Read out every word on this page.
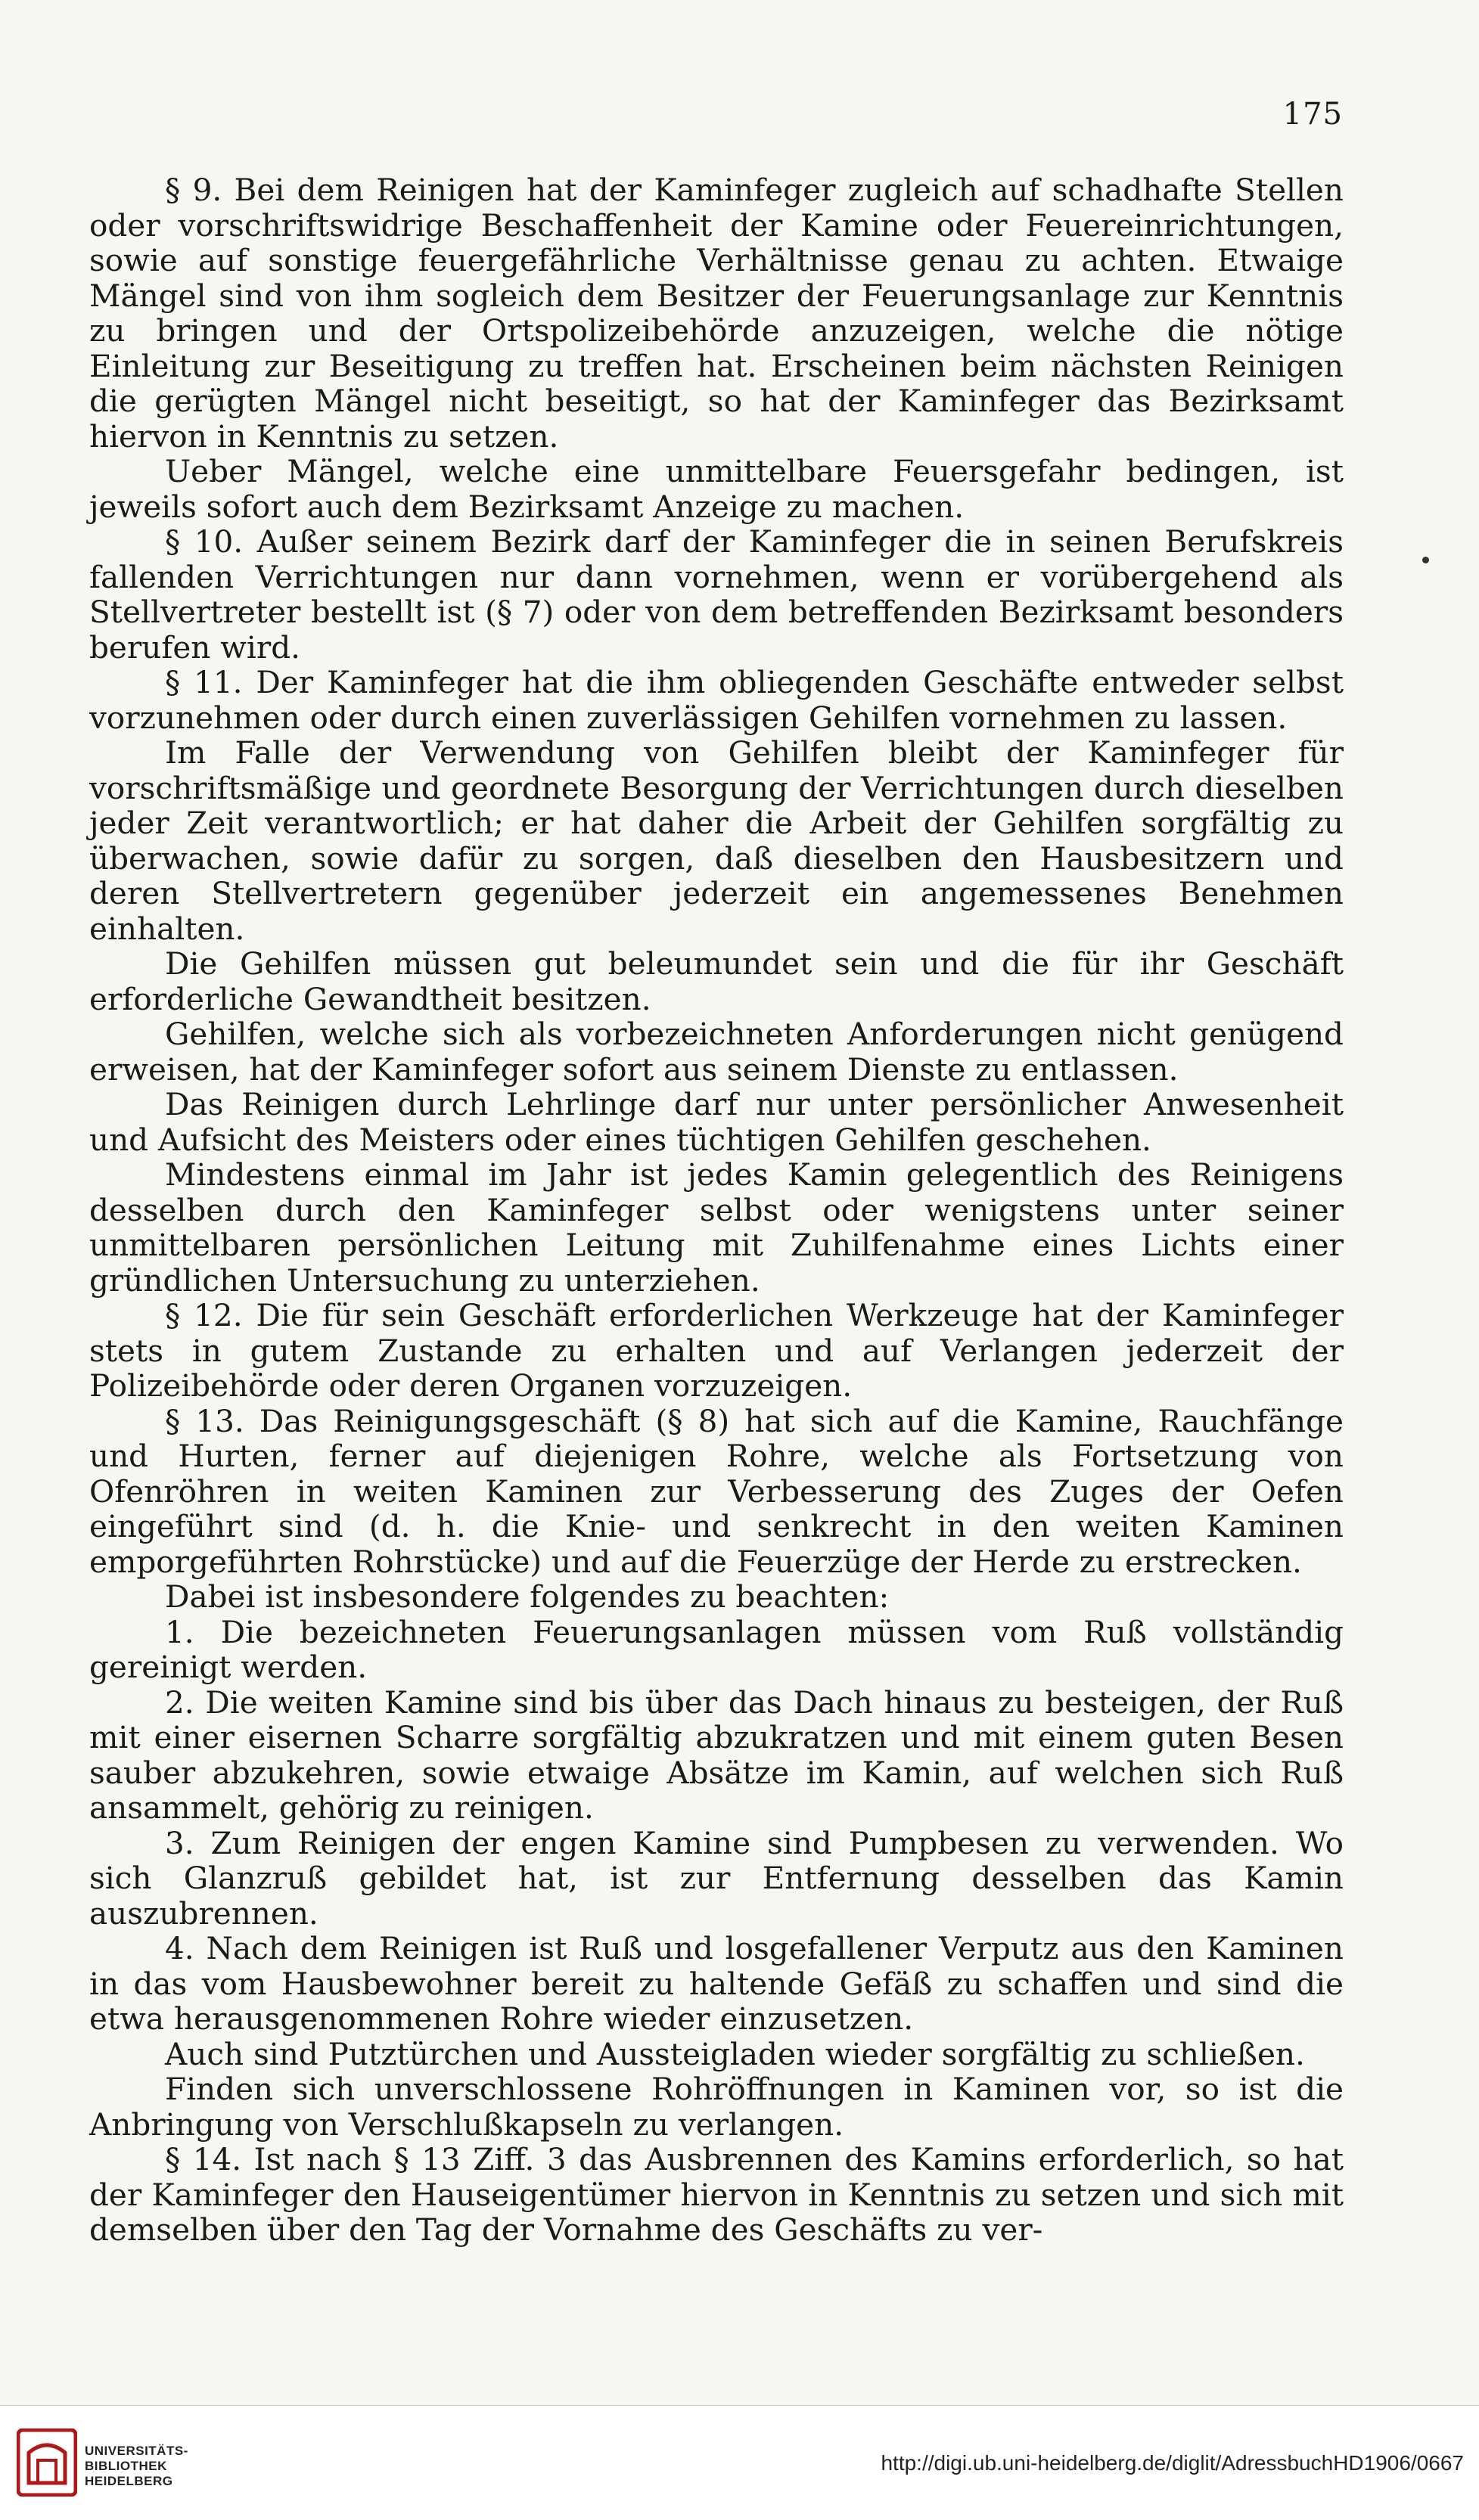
175

§ 9. Bei dem Reinigen hat der Kaminfeger zugleich auf schadhafte Stellen oder vorschriftswidrige Beschaffenheit der Kamine oder Feuereinrichtungen, sowie auf sonstige feuergefährliche Verhältnisse genau zu achten. Etwaige Mängel sind von ihm sogleich dem Besitzer der Feuerungsanlage zur Kenntnis zu bringen und der Ortspolizeibehörde anzuzeigen, welche die nötige Einleitung zur Beseitigung zu treffen hat. Erscheinen beim nächsten Reinigen die gerügten Mängel nicht beseitigt, so hat der Kaminfeger das Bezirksamt hiervon in Kenntnis zu setzen.

Ueber Mängel, welche eine unmittelbare Feuersgefahr bedingen, ist jeweils sofort auch dem Bezirksamt Anzeige zu machen.

§ 10. Außer seinem Bezirk darf der Kaminfeger die in seinen Berufskreis fallenden Verrichtungen nur dann vornehmen, wenn er vorübergehend als Stellvertreter bestellt ist (§ 7) oder von dem betreffenden Bezirksamt besonders berufen wird.

§ 11. Der Kaminfeger hat die ihm obliegenden Geschäfte entweder selbst vorzunehmen oder durch einen zuverlässigen Gehilfen vornehmen zu lassen.

Im Falle der Verwendung von Gehilfen bleibt der Kaminfeger für vorschriftsmäßige und geordnete Besorgung der Verrichtungen durch dieselben jeder Zeit verantwortlich; er hat daher die Arbeit der Gehilfen sorgfältig zu überwachen, sowie dafür zu sorgen, daß dieselben den Hausbesitzern und deren Stellvertretern gegenüber jederzeit ein angemessenes Benehmen einhalten.

Die Gehilfen müssen gut beleumundet sein und die für ihr Geschäft erforderliche Gewandtheit besitzen.

Gehilfen, welche sich als vorbezeichneten Anforderungen nicht genügend erweisen, hat der Kaminfeger sofort aus seinem Dienste zu entlassen.

Das Reinigen durch Lehrlinge darf nur unter persönlicher Anwesenheit und Aufsicht des Meisters oder eines tüchtigen Gehilfen geschehen.

Mindestens einmal im Jahr ist jedes Kamin gelegentlich des Reinigens desselben durch den Kaminfeger selbst oder wenigstens unter seiner unmittelbaren persönlichen Leitung mit Zuhilfenahme eines Lichts einer gründlichen Untersuchung zu unterziehen.

§ 12. Die für sein Geschäft erforderlichen Werkzeuge hat der Kaminfeger stets in gutem Zustande zu erhalten und auf Verlangen jederzeit der Polizeibehörde oder deren Organen vorzuzeigen.

§ 13. Das Reinigungsgeschäft (§ 8) hat sich auf die Kamine, Rauchfänge und Hurten, ferner auf diejenigen Rohre, welche als Fortsetzung von Ofenröhren in weiten Kaminen zur Verbesserung des Zuges der Oefen eingeführt sind (d. h. die Knie- und senkrecht in den weiten Kaminen emporgeführten Rohrstücke) und auf die Feuerzüge der Herde zu erstrecken.

Dabei ist insbesondere folgendes zu beachten:

1. Die bezeichneten Feuerungsanlagen müssen vom Ruß vollständig gereinigt werden.

2. Die weiten Kamine sind bis über das Dach hinaus zu besteigen, der Ruß mit einer eisernen Scharre sorgfältig abzukratzen und mit einem guten Besen sauber abzukehren, sowie etwaige Absätze im Kamin, auf welchen sich Ruß ansammelt, gehörig zu reinigen.

3. Zum Reinigen der engen Kamine sind Pumpbesen zu verwenden. Wo sich Glanzruß gebildet hat, ist zur Entfernung desselben das Kamin auszubrennen.

4. Nach dem Reinigen ist Ruß und losgefallener Verputz aus den Kaminen in das vom Hausbewohner bereit zu haltende Gefäß zu schaffen und sind die etwa herausgenommenen Rohre wieder einzusetzen.

Auch sind Putztürchen und Aussteigladen wieder sorgfältig zu schließen.

Finden sich unverschlossene Rohröffnungen in Kaminen vor, so ist die Anbringung von Verschlußkapseln zu verlangen.

§ 14. Ist nach § 13 Ziff. 3 das Ausbrennen des Kamins erforderlich, so hat der Kaminfeger den Hauseigentümer hiervon in Kenntnis zu setzen und sich mit demselben über den Tag der Vornahme des Geschäfts zu ver-

UNIVERSITÄTS-
BIBLIOTHEK
HEIDELBERG
http://digi.ub.uni-heidelberg.de/diglit/AdressbuchHD1906/0667
